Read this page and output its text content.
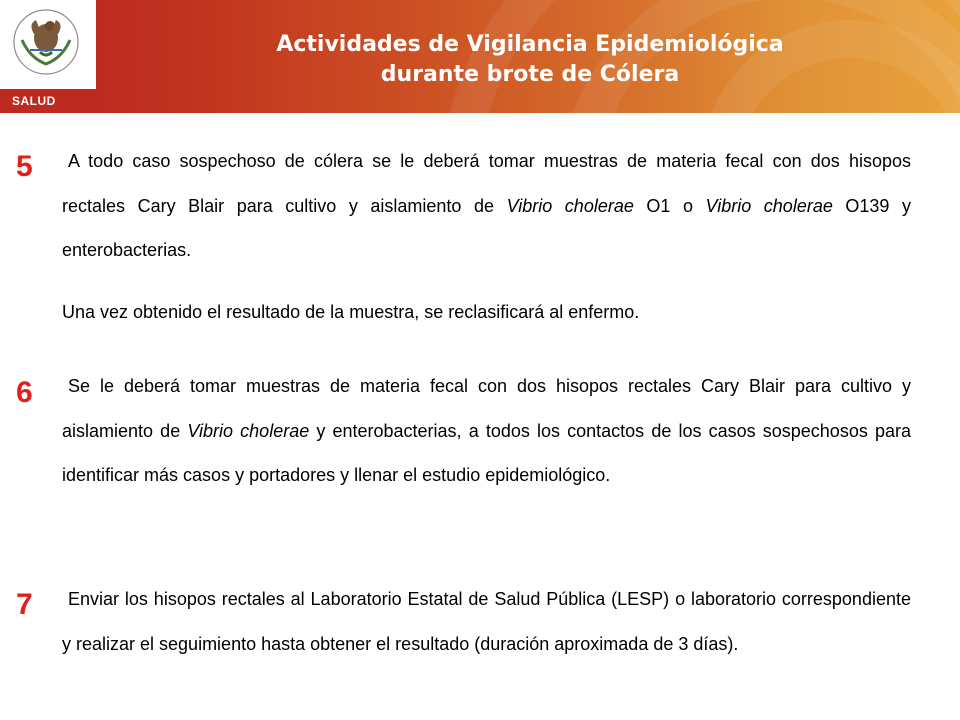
SALUD
Actividades de Vigilancia Epidemiológica
durante brote de Cólera
5	A todo caso sospechoso de cólera se le deberá tomar muestras de materia fecal con dos hisopos rectales Cary Blair para cultivo y aislamiento de Vibrio cholerae O1 o Vibrio cholerae O139 y enterobacterias.
Una vez obtenido el resultado de la muestra, se reclasificará al enfermo.
6	Se le deberá tomar muestras de materia fecal con dos hisopos rectales Cary Blair para cultivo y aislamiento de Vibrio cholerae y enterobacterias, a todos los contactos de los casos sospechosos para identificar más casos y portadores y llenar el estudio epidemiológico.
7	Enviar los hisopos rectales al Laboratorio Estatal de Salud Pública (LESP) o laboratorio correspondiente y realizar el seguimiento hasta obtener el resultado (duración aproximada de 3 días).
